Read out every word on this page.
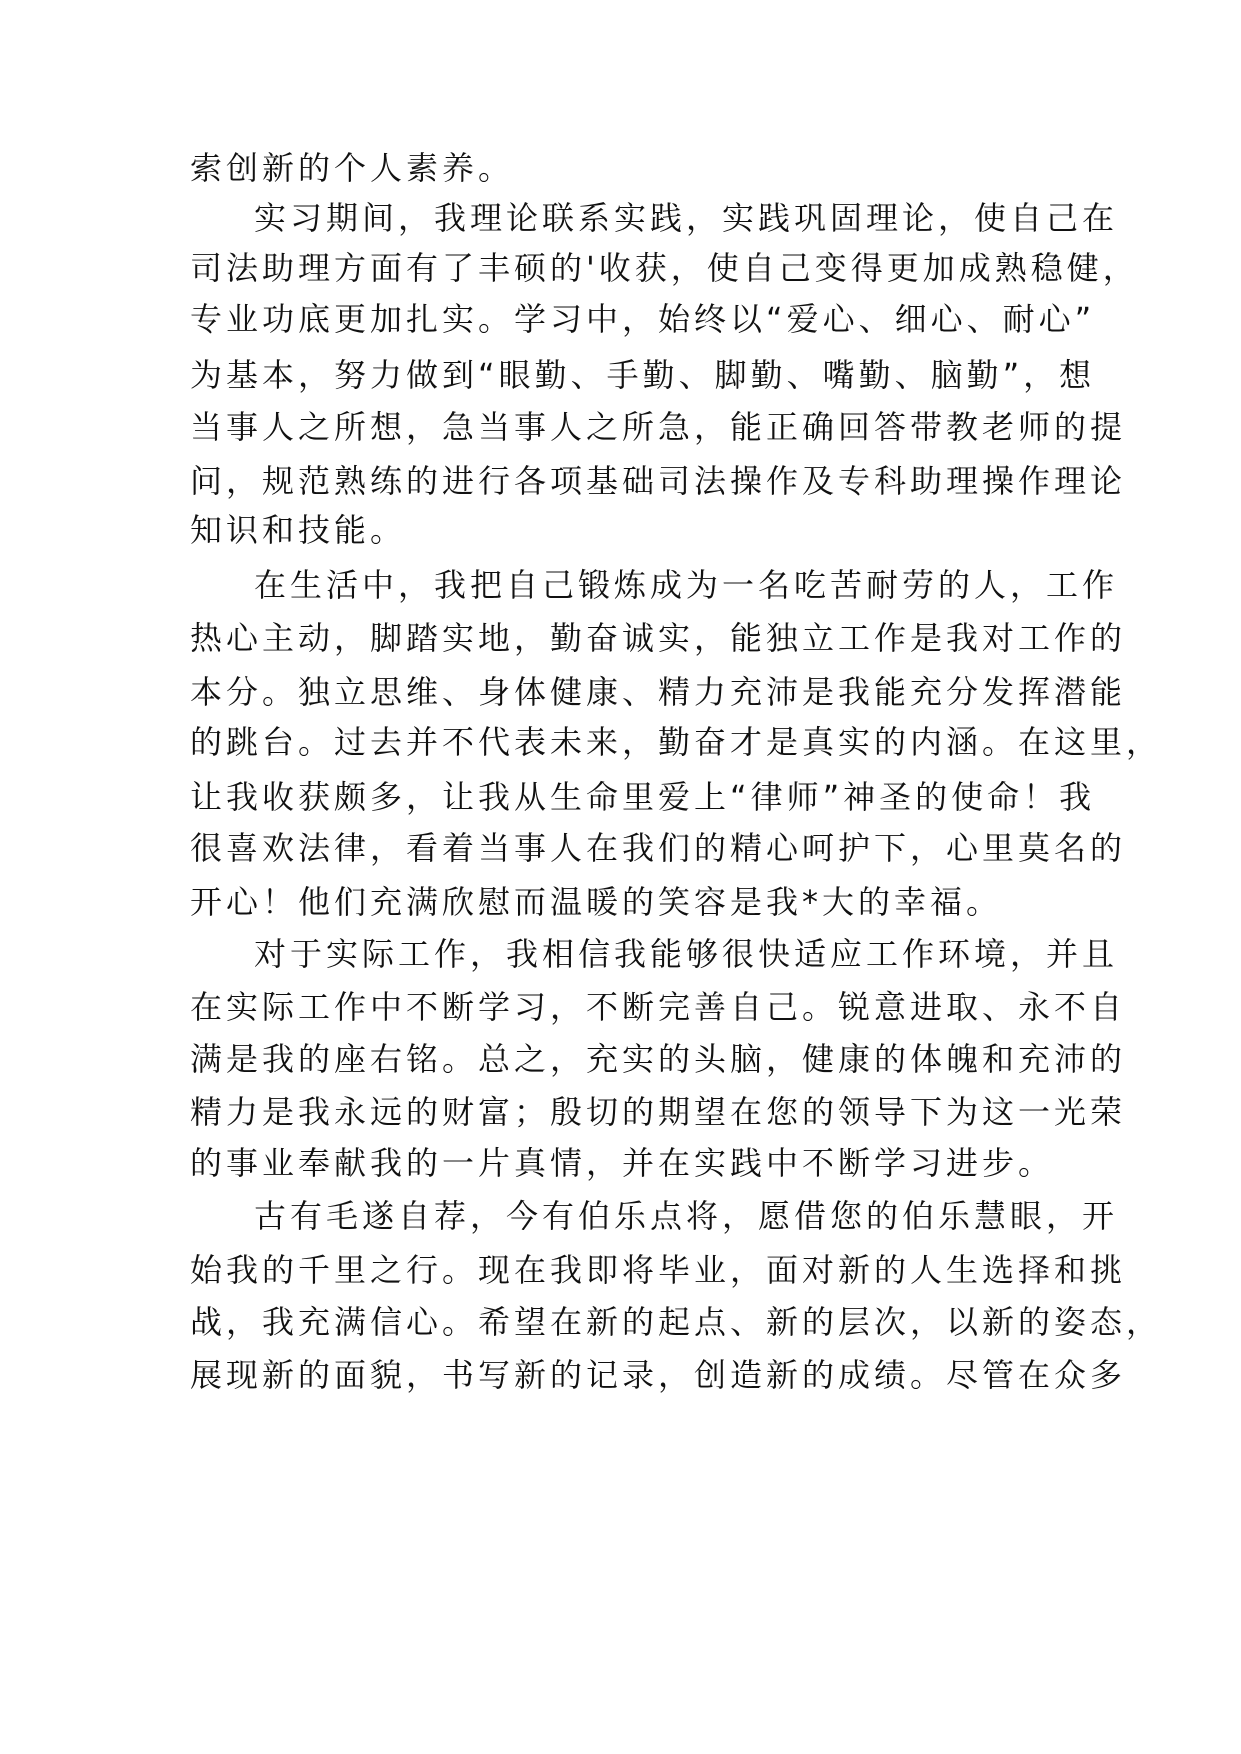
索创新的个人素养。
实习期间，我理论联系实践，实践巩固理论，使自己在
司法助理方面有了丰硕的'收获，使自己变得更加成熟稳健，
专业功底更加扎实。学习中，始终以“爱心、细心、耐心”
为基本，努力做到“眼勤、手勤、脚勤、嘴勤、脑勤”，想
当事人之所想，急当事人之所急，能正确回答带教老师的提
问，规范熟练的进行各项基础司法操作及专科助理操作理论
知识和技能。
在生活中，我把自己锻炼成为一名吃苦耐劳的人，工作
热心主动，脚踏实地，勤奋诚实，能独立工作是我对工作的
本分。独立思维、身体健康、精力充沛是我能充分发挥潜能
的跳台。过去并不代表未来，勤奋才是真实的内涵。在这里，
让我收获颇多，让我从生命里爱上“律师”神圣的使命！我
很喜欢法律，看着当事人在我们的精心呵护下，心里莫名的
开心！他们充满欣慰而温暖的笑容是我*大的幸福。
对于实际工作，我相信我能够很快适应工作环境，并且
在实际工作中不断学习，不断完善自己。锐意进取、永不自
满是我的座右铭。总之，充实的头脑，健康的体魄和充沛的
精力是我永远的财富；殷切的期望在您的领导下为这一光荣
的事业奉献我的一片真情，并在实践中不断学习进步。
古有毛遂自荐，今有伯乐点将，愿借您的伯乐慧眼，开
始我的千里之行。现在我即将毕业，面对新的人生选择和挑
战，我充满信心。希望在新的起点、新的层次，以新的姿态，
展现新的面貌，书写新的记录，创造新的成绩。尽管在众多
